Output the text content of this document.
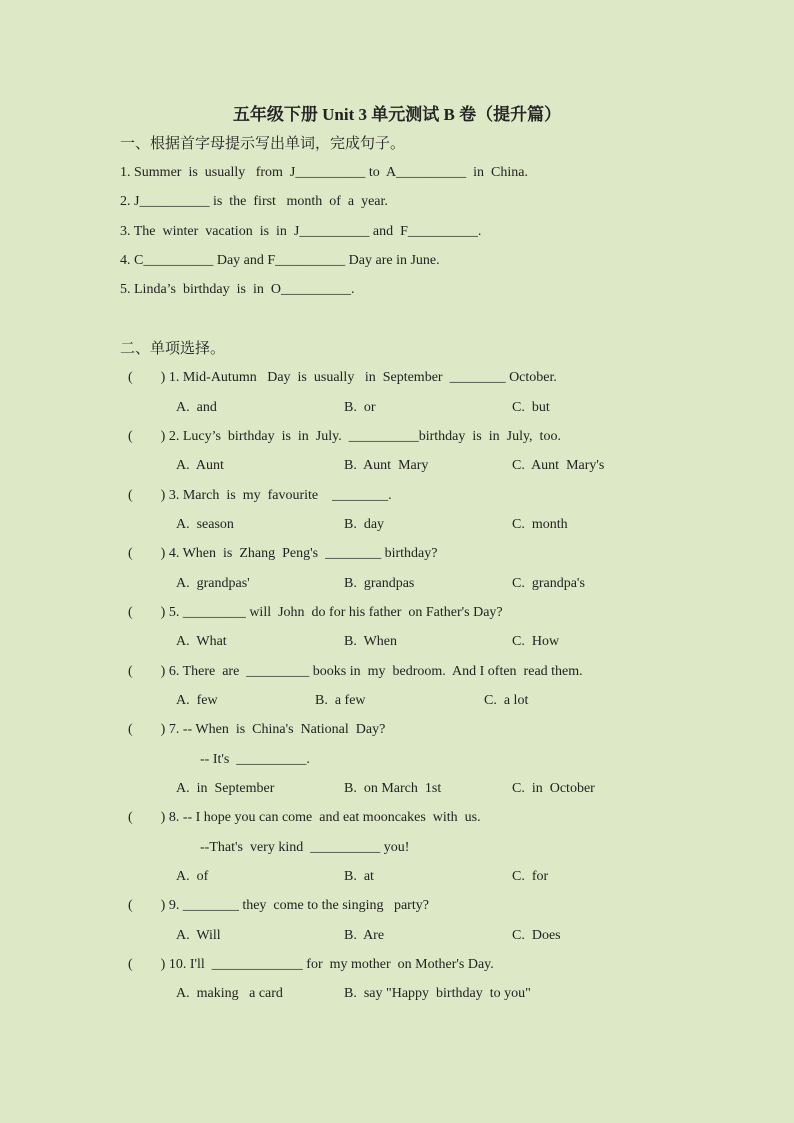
五年级下册 Unit 3 单元测试 B 卷（提升篇）
一、根据首字母提示写出单词，完成句子。
1. Summer  is  usually   from  J__________ to  A__________  in  China.
2. J__________ is  the  first   month  of  a  year.
3. The  winter  vacation  is  in  J__________ and  F__________.
4. C__________ Day and F__________ Day are in June.
5. Linda’s  birthday  is  in  O__________.
二、单项选择。
(        ) 1. Mid-Autumn   Day  is  usually   in  September  ________ October.
A.  and	B.  or	C.  but
(        ) 2. Lucy’s  birthday  is  in  July.  __________birthday  is  in  July,  too.
A.  Aunt	B.  Aunt  Mary	C.  Aunt  Mary's
(        ) 3. March  is  my  favourite    ________.
A.  season	B.  day	C.  month
(        ) 4. When  is  Zhang  Peng's  ________ birthday?
A.  grandpas'	B.  grandpas	C.  grandpa's
(        ) 5. _________ will  John  do for his father  on Father's Day?
A.  What	B.  When	C.  How
(        ) 6. There  are  _________ books in  my  bedroom.  And I often  read them.
A.  few	B.  a few	C.  a lot
(        ) 7. -- When  is  China's  National  Day?
-- It's  __________.
A.  in  September	B.  on March  1st	C.  in  October
(        ) 8. -- I hope you can come  and eat mooncakes  with  us.
--That's  very kind  __________ you!
A.  of	B.  at	C.  for
(        ) 9. ________ they  come to the singing   party?
A.  Will	B.  Are	C.  Does
(        ) 10. I'll  _____________ for  my mother  on Mother's Day.
A.  making   a card	B.  say "Happy  birthday  to you"
